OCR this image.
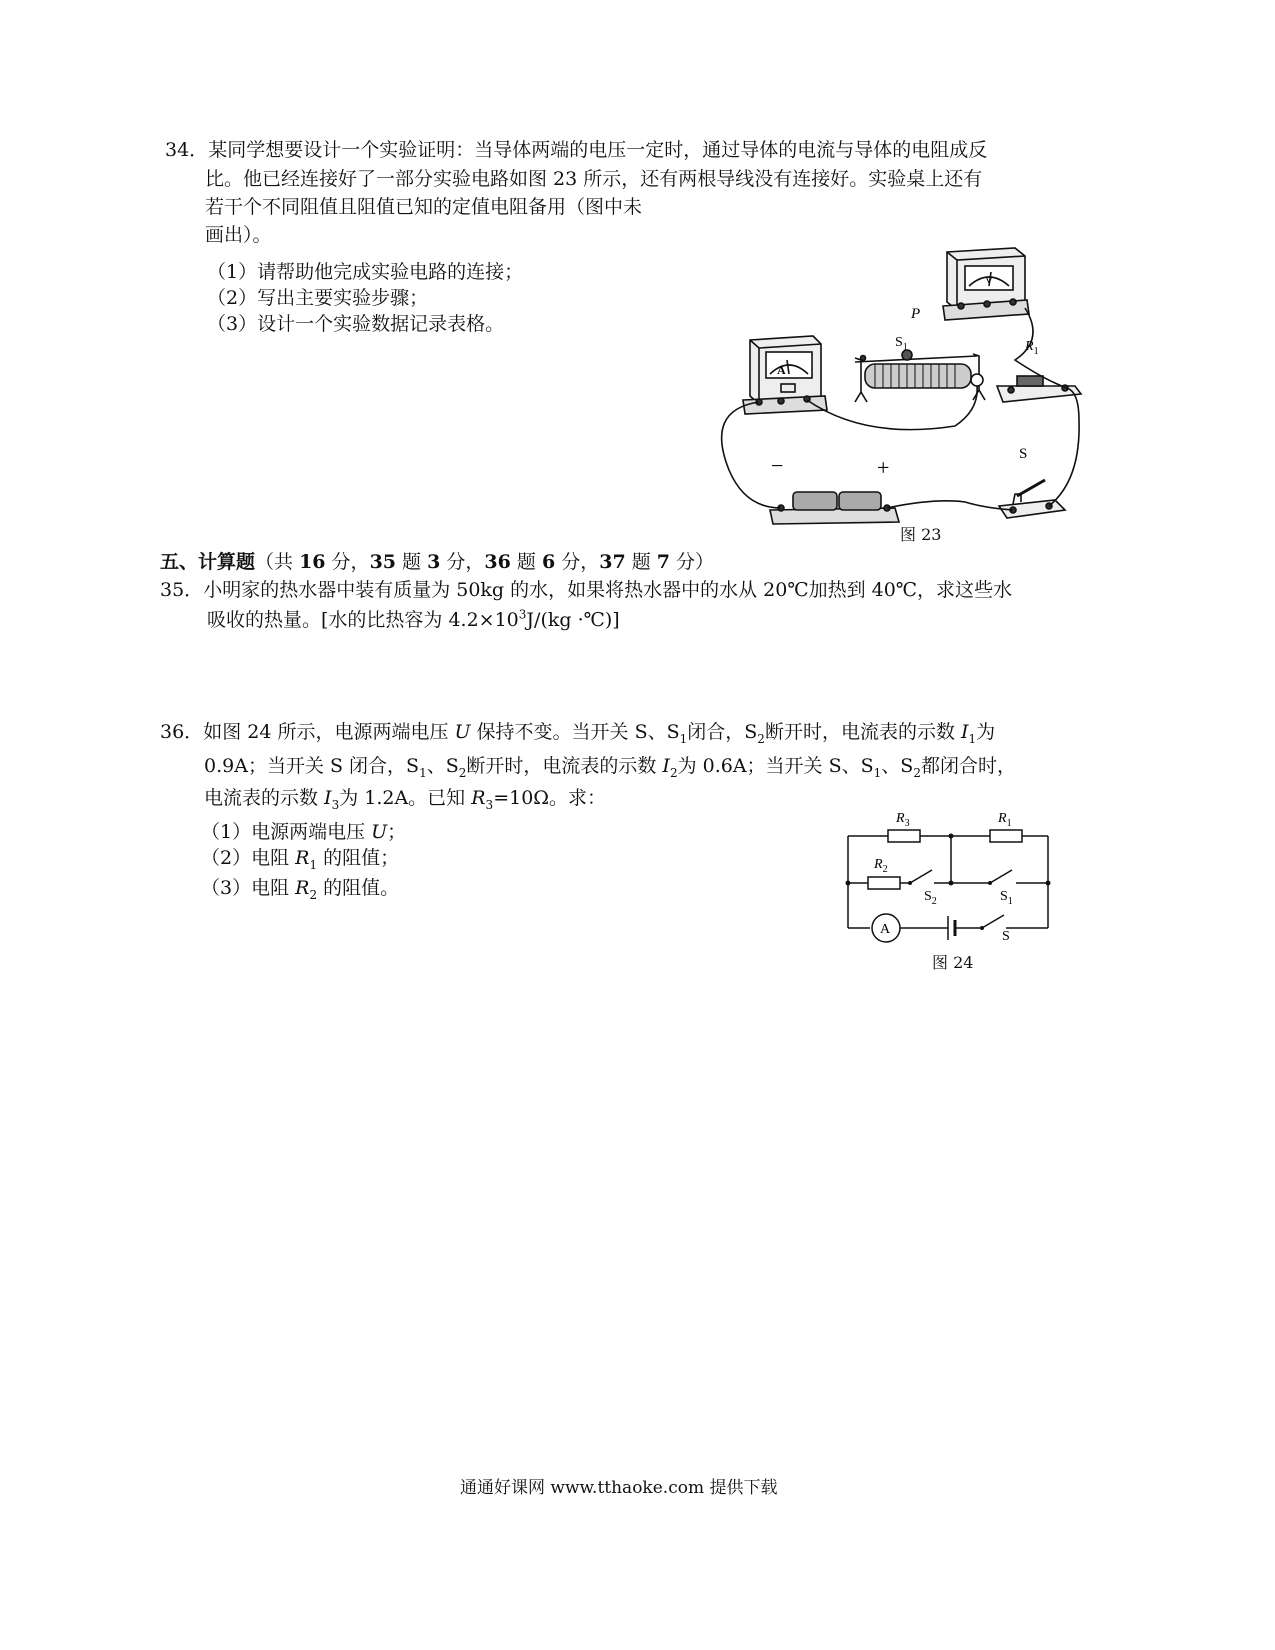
34．某同学想要设计一个实验证明：当导体两端的电压一定时，通过导体的电流与导体的电阻成反
比。他已经连接好了一部分实验电路如图 23 所示，还有两根导线没有连接好。实验桌上还有
若干个不同阻值且阻值已知的定值电阻备用（图中未
画出）。
（1）请帮助他完成实验电路的连接；
（2）写出主要实验步骤；
（3）设计一个实验数据记录表格。	P
$S_1$	$R_1$
S
−	+
A
V
图 23
五、计算题（共 16 分，35 题 3 分，36 题 6 分，37 题 7 分）
35．小明家的热水器中装有质量为 50kg 的水，如果将热水器中的水从 20℃加热到 40℃，求这些水
吸收的热量。[水的比热容为 $4.2\times 10^3J/(kg$ ·℃)]
36．如图 24 所示，电源两端电压 U 保持不变。当开关 S、$S_1$闭合，$S_2$断开时，电流表的示数 $I_1$为
0.9A；当开关 S 闭合，$S_1$、$S_2$断开时，电流表的示数 $I_2$为 0.6A；当开关 S、$S_1$、$S_2$都闭合时，
电流表的示数 $I_3$为 1.2A。已知 $R_3=10\Omega$。求：
（1）电源两端电压 U；
（2）电阻 $R_1$ 的阻值；
（3）电阻 $R_2$ 的阻值。
$R_3$	$R_1$
$R_2$
$S_2$	$S_1$
S
A
图 24
通通好课网 www.tthaoke.com 提供下载
